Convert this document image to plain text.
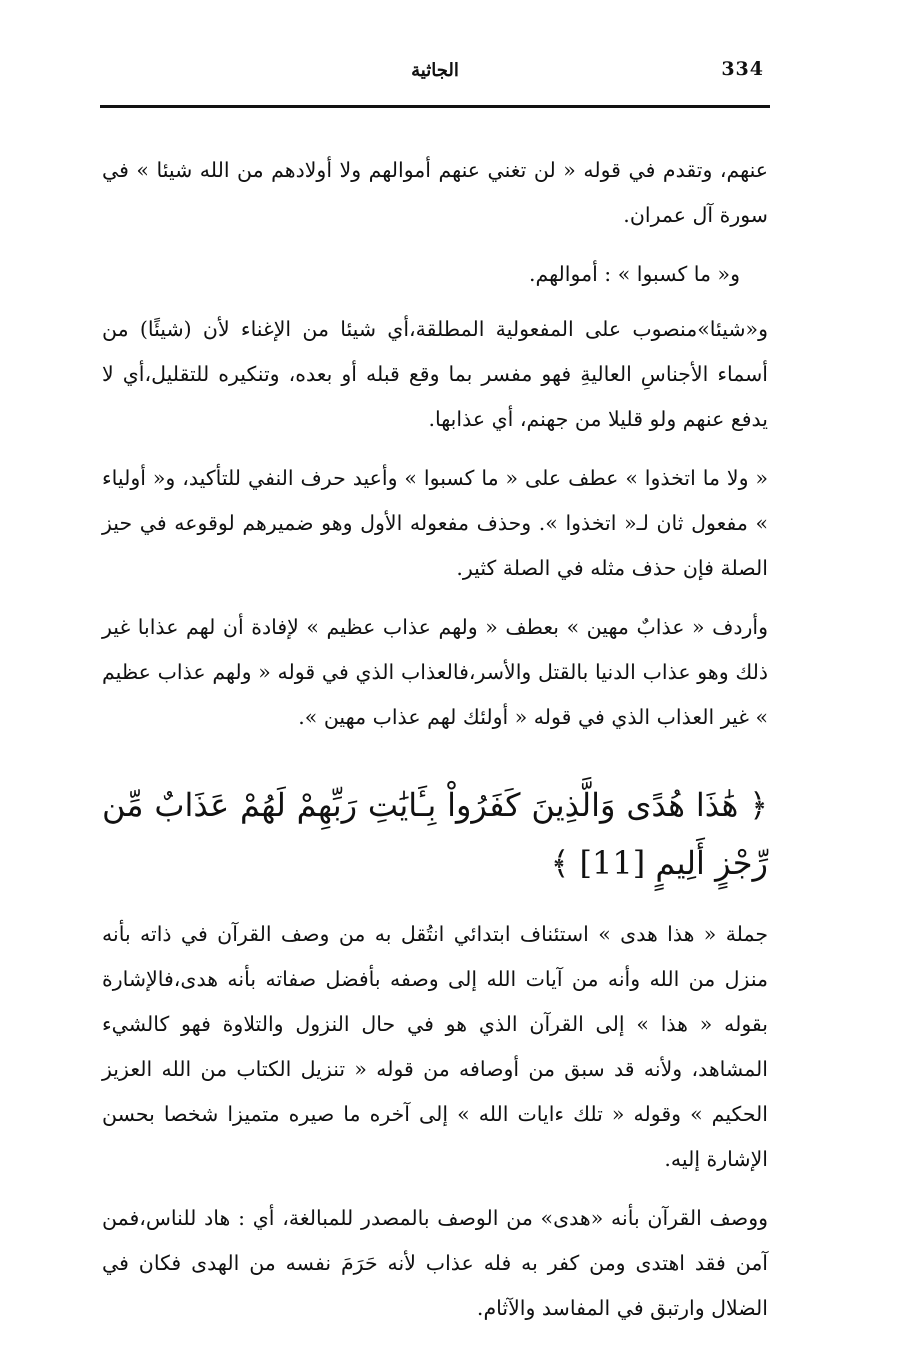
334
الجاثية

عنهم، وتقدم في قوله « لن تغني عنهم أموالهم ولا أولادهم من الله شيئا » في سورة آل عمران.

و« ما كسبوا » : أموالهم.

و«شيئا»منصوب على المفعولية المطلقة،أي شيئا من الإغناء لأن (شيئًا) من أسماء الأجناسِ العاليةِ فهو مفسر بما وقع قبله أو بعده، وتنكيره للتقليل،أي لا يدفع عنهم ولو قليلا من جهنم، أي عذابها.

« ولا ما اتخذوا » عطف على « ما كسبوا » وأعيد حرف النفي للتأكيد، و« أولياء » مفعول ثان لـ« اتخذوا ». وحذف مفعوله الأول وهو ضميرهم لوقوعه في حيز الصلة فإن حذف مثله في الصلة كثير.

وأردف « عذابٌ مهين » بعطف « ولهم عذاب عظيم » لإفادة أن لهم عذابا غير ذلك وهو عذاب الدنيا بالقتل والأسر،فالعذاب الذي في قوله « ولهم عذاب عظيم » غير العذاب الذي في قوله « أولئك لهم عذاب مهين ».

﴿ هَٰذَا هُدًى وَالَّذِينَ كَفَرُواْ بِـَٔايَٰتِ رَبِّهِمْ لَهُمْ عَذَابٌ مِّن رِّجْزٍ أَلِيمٍ [11] ﴾

جملة « هذا هدى » استئناف ابتدائي انتُقل به من وصف القرآن في ذاته بأنه منزل من الله وأنه من آيات الله إلى وصفه بأفضل صفاته بأنه هدى،فالإشارة بقوله « هذا » إلى القرآن الذي هو في حال النزول والتلاوة فهو كالشيء المشاهد، ولأنه قد سبق من أوصافه من قوله « تنزيل الكتاب من الله العزيز الحكيم » وقوله « تلك ءايات الله » إلى آخره ما صيره متميزا شخصا بحسن الإشارة إليه.

ووصف القرآن بأنه «هدى» من الوصف بالمصدر للمبالغة، أي : هاد للناس،فمن آمن فقد اهتدى ومن كفر به فله عذاب لأنه حَرَمَ نفسه من الهدى فكان في الضلال وارتبق في المفاسد والآثام.
